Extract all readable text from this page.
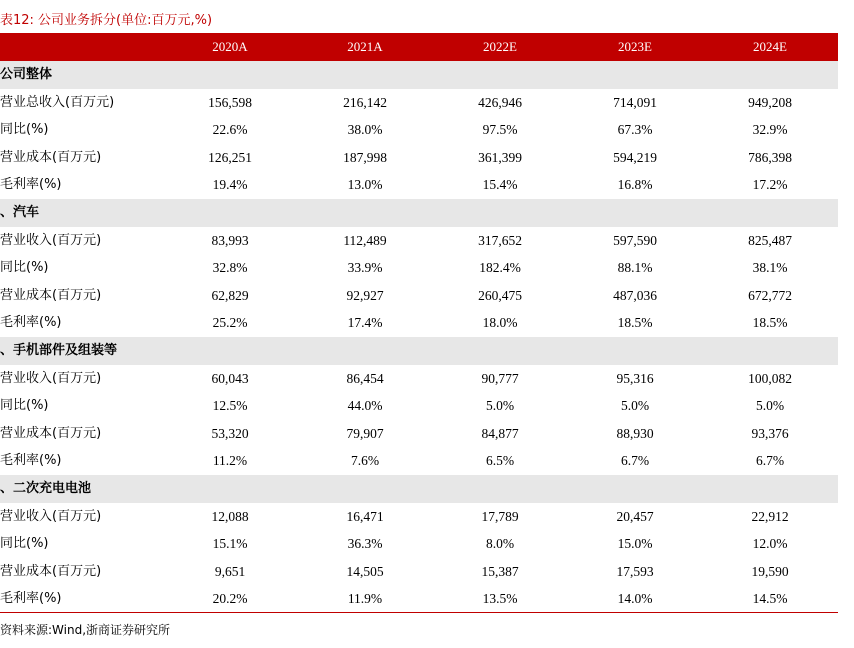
表12: 公司业务拆分(单位:百万元,%)
2020A	2021A	2022E	2023E	2024E
公司整体
营业总收入(百万元)	156,598	216,142	426,946	714,091	949,208
同比(%)	22.6%	38.0%	97.5%	67.3%	32.9%
营业成本(百万元)	126,251	187,998	361,399	594,219	786,398
毛利率(%)	19.4%	13.0%	15.4%	16.8%	17.2%
、汽车
营业收入(百万元)	83,993	112,489	317,652	597,590	825,487
同比(%)	32.8%	33.9%	182.4%	88.1%	38.1%
营业成本(百万元)	62,829	92,927	260,475	487,036	672,772
毛利率(%)	25.2%	17.4%	18.0%	18.5%	18.5%
、手机部件及组装等
营业收入(百万元)	60,043	86,454	90,777	95,316	100,082
同比(%)	12.5%	44.0%	5.0%	5.0%	5.0%
营业成本(百万元)	53,320	79,907	84,877	88,930	93,376
毛利率(%)	11.2%	7.6%	6.5%	6.7%	6.7%
、二次充电电池
营业收入(百万元)	12,088	16,471	17,789	20,457	22,912
同比(%)	15.1%	36.3%	8.0%	15.0%	12.0%
营业成本(百万元)	9,651	14,505	15,387	17,593	19,590
毛利率(%)	20.2%	11.9%	13.5%	14.0%	14.5%
资料来源:Wind,浙商证券研究所
